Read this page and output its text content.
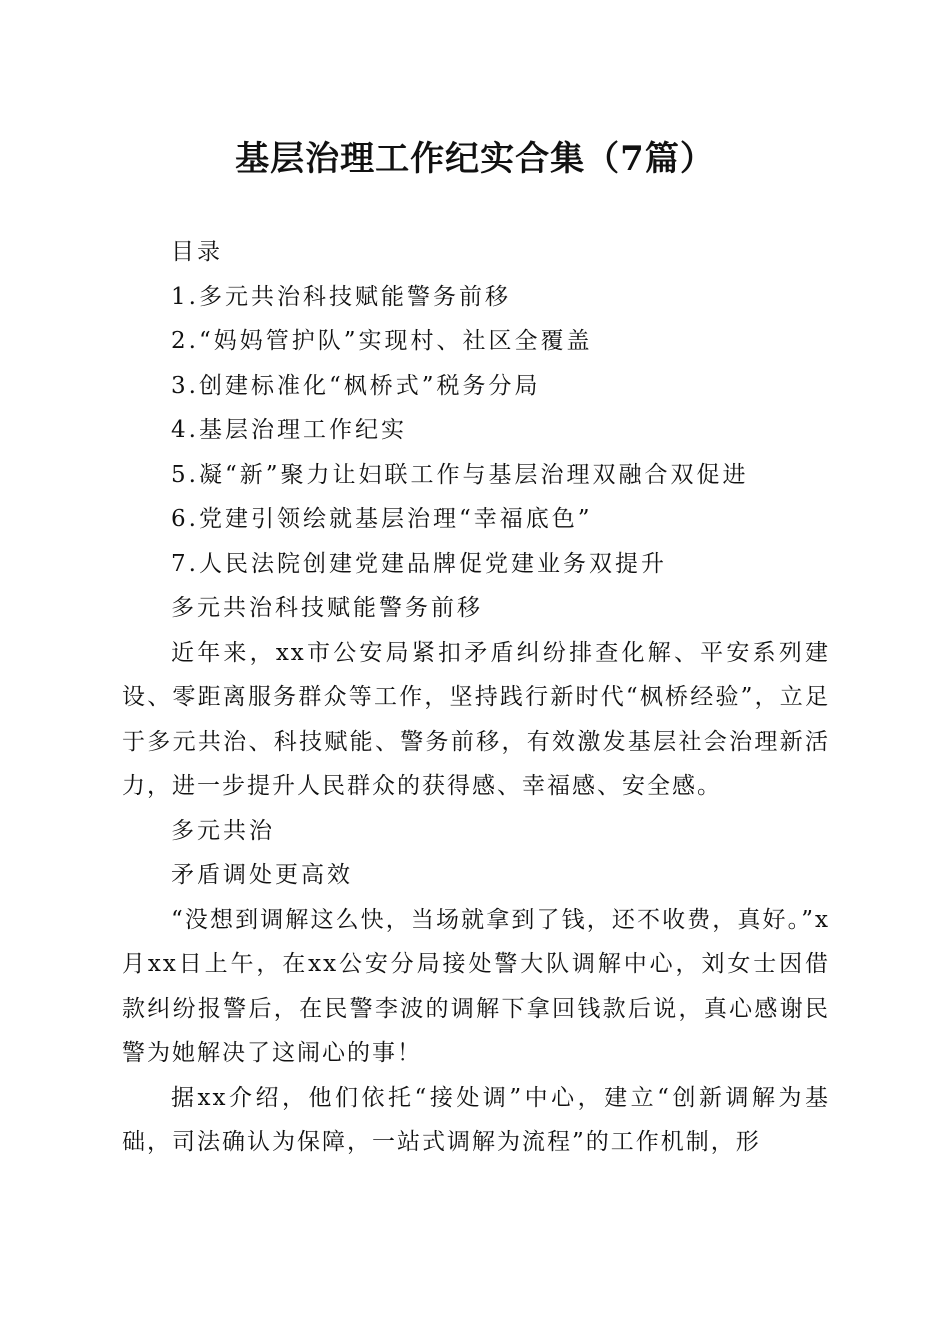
基层治理工作纪实合集（7篇）

目录

1.多元共治科技赋能警务前移

2.“妈妈管护队”实现村、社区全覆盖

3.创建标准化“枫桥式”税务分局

4.基层治理工作纪实

5.凝“新”聚力让妇联工作与基层治理双融合双促进

6.党建引领绘就基层治理“幸福底色”

7.人民法院创建党建品牌促党建业务双提升

多元共治科技赋能警务前移

近年来，xx市公安局紧扣矛盾纠纷排查化解、平安系列建设、零距离服务群众等工作，坚持践行新时代“枫桥经验”，立足于多元共治、科技赋能、警务前移，有效激发基层社会治理新活力，进一步提升人民群众的获得感、幸福感、安全感。

多元共治

矛盾调处更高效

“没想到调解这么快，当场就拿到了钱，还不收费，真好。”x月xx日上午，在xx公安分局接处警大队调解中心，刘女士因借款纠纷报警后，在民警李波的调解下拿回钱款后说，真心感谢民警为她解决了这闹心的事！

据xx介绍，他们依托“接处调”中心，建立“创新调解为基础，司法确认为保障，一站式调解为流程”的工作机制，形
